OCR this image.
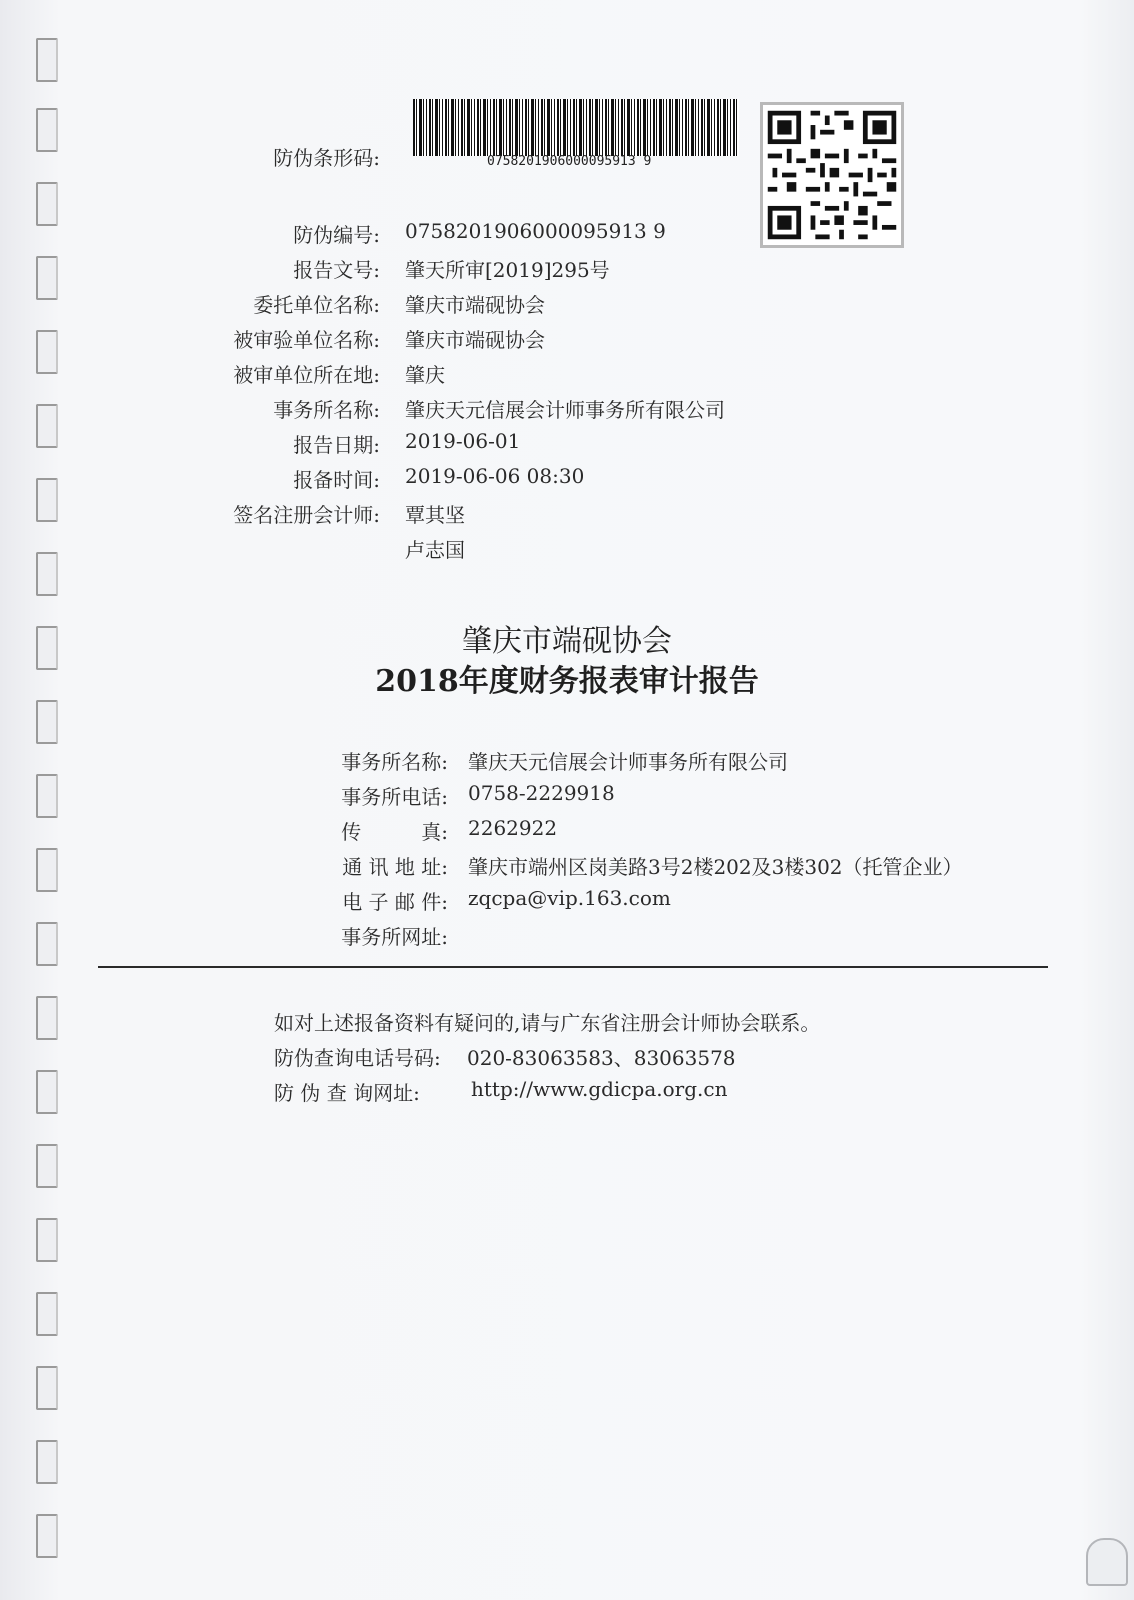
防伪条形码:	0758201906000095913 9
防伪编号: 0758201906000095913 9
报告文号: 肇天所审[2019]295号
委托单位名称: 肇庆市端砚协会
被审验单位名称: 肇庆市端砚协会
被审单位所在地: 肇庆
事务所名称: 肇庆天元信展会计师事务所有限公司
报告日期: 2019-06-01
报备时间: 2019-06-06 08:30
签名注册会计师: 覃其坚
卢志国
肇庆市端砚协会
2018年度财务报表审计报告
事务所名称: 肇庆天元信展会计师事务所有限公司
事务所电话: 0758-2229918
传　　　真: 2262922
通 讯 地 址: 肇庆市端州区岗美路3号2楼202及3楼302（托管企业）
电 子 邮 件: zqcpa@vip.163.com
事务所网址:
如对上述报备资料有疑问的,请与广东省注册会计师协会联系。
防伪查询电话号码: 020-83063583、83063578
防 伪 查 询网址:	http://www.gdicpa.org.cn
